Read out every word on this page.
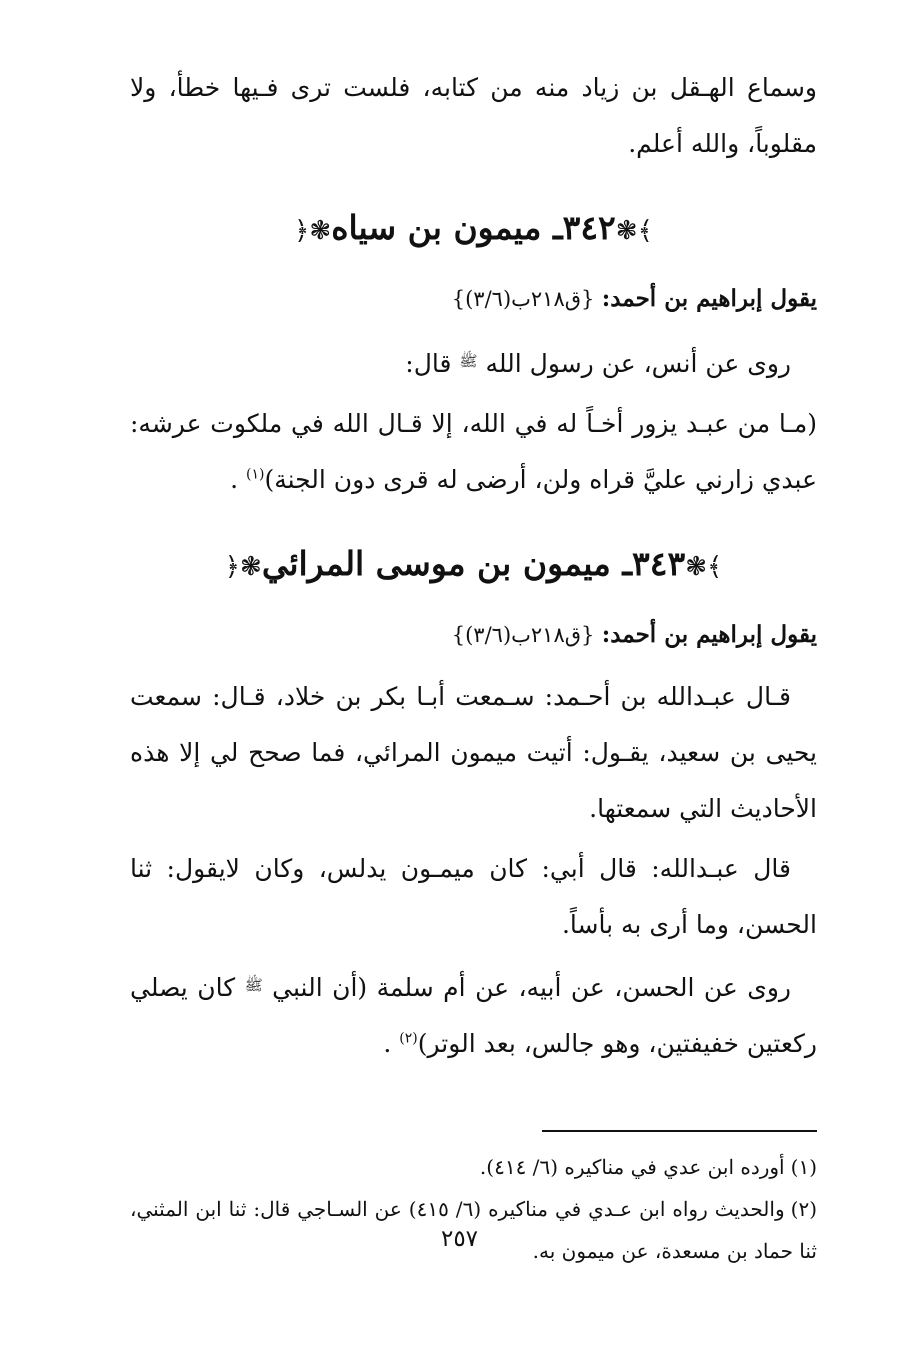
وسماع الهـقل بن زياد منه من كتابه، فلست ترى فـيها خطأ، ولا مقلوباً، والله أعلم.

﴾❃٣٤٢ـ ميمون بن سياه❃﴿

يقول إبراهيم بن أحمد: {ق٢١٨ب(٣/٦)}

روى عن أنس، عن رسول الله $^ﷺ$ قال:

(مـا من عبـد يزور أخـاً له في الله، إلا قـال الله في ملكوت عرشه: عبدي زارني عليَّ قراه ولن، أرضى له قرى دون الجنة)$^{(١)}$ .

﴾❃٣٤٣ـ ميمون بن موسى المرائي❃﴿

يقول إبراهيم بن أحمد: {ق٢١٨ب(٣/٦)}

قـال عبـدالله بن أحـمد: سـمعت أبـا بكر بن خلاد، قـال: سمعت يحيى بن سعيد، يقـول: أتيت ميمون المرائي، فما صحح لي إلا هذه الأحاديث التي سمعتها.

قال عبـدالله: قال أبي: كان ميمـون يدلس، وكان لايقول: ثنا الحسن، وما أرى به بأساً.

روى عن الحسن، عن أبيه، عن أم سلمة (أن النبي $^ﷺ$ كان يصلي ركعتين خفيفتين، وهو جالس، بعد الوتر)$^{(٢)}$ .

(١)أورده ابن عدي في مناكيره (٦/ ٤١٤).

(٢)والحديث رواه ابن عـدي في مناكيره (٦/ ٤١٥) عن السـاجي قال: ثنا ابن المثني، ثنا حماد بن مسعدة، عن ميمون به.

٢٥٧
